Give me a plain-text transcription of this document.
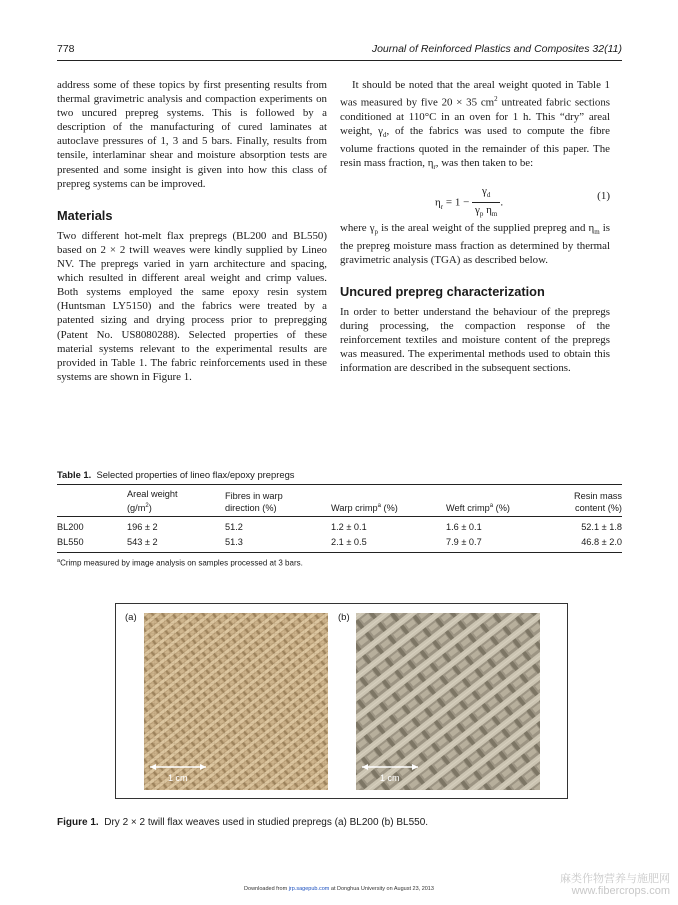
778	Journal of Reinforced Plastics and Composites 32(11)

address some of these topics by first presenting results from thermal gravimetric analysis and compaction experiments on two uncured prepreg systems. This is followed by a description of the manufacturing of cured laminates at autoclave pressures of 1, 3 and 5 bars. Finally, results from tensile, interlaminar shear and moisture absorption tests are presented and some insight is given into how this class of prepreg systems can be improved.

Materials

Two different hot-melt flax prepregs (BL200 and BL550) based on 2 × 2 twill weaves were kindly supplied by Lineo NV. The prepregs varied in yarn architecture and spacing, which resulted in different areal weight and crimp values. Both systems employed the same epoxy resin system (Huntsman LY5150) and the fabrics were treated by a patented sizing and drying process prior to prepregging (Patent No. US8080288). Selected properties of these material systems relevant to the experimental results are provided in Table 1. The fabric reinforcements used in these systems are shown in Figure 1.

It should be noted that the areal weight quoted in Table 1 was measured by five 20 × 35 $cm^2$ untreated fabric sections conditioned at 110°C in an oven for 1 h. This “dry” areal weight, $\gamma_d$, of the fabrics was used to compute the fibre volume fractions quoted in the remainder of this paper. The resin mass fraction, $\eta_r$, was then taken to be:

$\eta_r = 1 - \frac{\gamma_d}{\gamma_p \eta_m}$ .
(1)

where $\gamma_p$ is the areal weight of the supplied prepreg and $\eta_m$ is the prepreg moisture mass fraction as determined by thermal gravimetric analysis (TGA) as described below.

Uncured prepreg characterization

In order to better understand the behaviour of the prepregs during processing, the compaction response of the reinforcement textiles and moisture content of the prepregs was measured. The experimental methods used to obtain this information are described in the subsequent sections.

Table 1. Selected properties of lineo flax/epoxy prepregs
	Areal weight
$(g/m^2)$	Fibres in warp
direction (%)	Warp crimp$^a$ (%)	Weft crimp$^a$ (%)	Resin mass
content (%)
BL200	196 ± 2	51.2	1.2 ± 0.1	1.6 ± 0.1	52.1 ± 1.8
BL550	543 ± 2	51.3	2.1 ± 0.5	7.9 ± 0.7	46.8 ± 2.0
$^a$Crimp measured by image analysis on samples processed at 3 bars.
(a)	(b)
1 cm	1 cm
Figure 1. Dry 2 × 2 twill flax weaves used in studied prepregs (a) BL200 (b) BL550.
Downloaded from jrp.sagepub.com at Donghua University on August 23, 2013
麻类作物营养与施肥网
www.fibercrops.com
